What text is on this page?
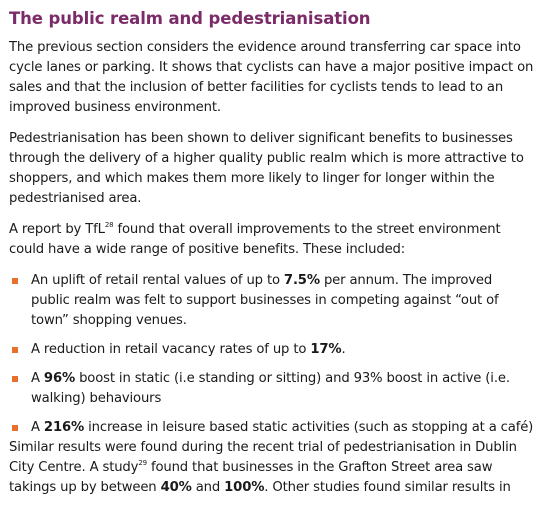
The public realm and pedestrianisation

The previous section considers the evidence around transferring car space into cycle lanes or parking. It shows that cyclists can have a major positive impact on sales and that the inclusion of better facilities for cyclists tends to lead to an improved business environment.

Pedestrianisation has been shown to deliver significant benefits to businesses through the delivery of a higher quality public realm which is more attractive to shoppers, and which makes them more likely to linger for longer within the pedestrianised area.

A report by TfL$^{28}$ found that overall improvements to the street environment could have a wide range of positive benefits. These included:

An uplift of retail rental values of up to 7.5% per annum. The improved public realm was felt to support businesses in competing against “out of town” shopping venues.
A reduction in retail vacancy rates of up to 17%.
A 96% boost in static (i.e standing or sitting) and 93% boost in active (i.e. walking) behaviours
A 216% increase in leisure based static activities (such as stopping at a café)

Similar results were found during the recent trial of pedestrianisation in Dublin City Centre. A study$^{29}$ found that businesses in the Grafton Street area saw takings up by between 40% and 100%. Other studies found similar results in
